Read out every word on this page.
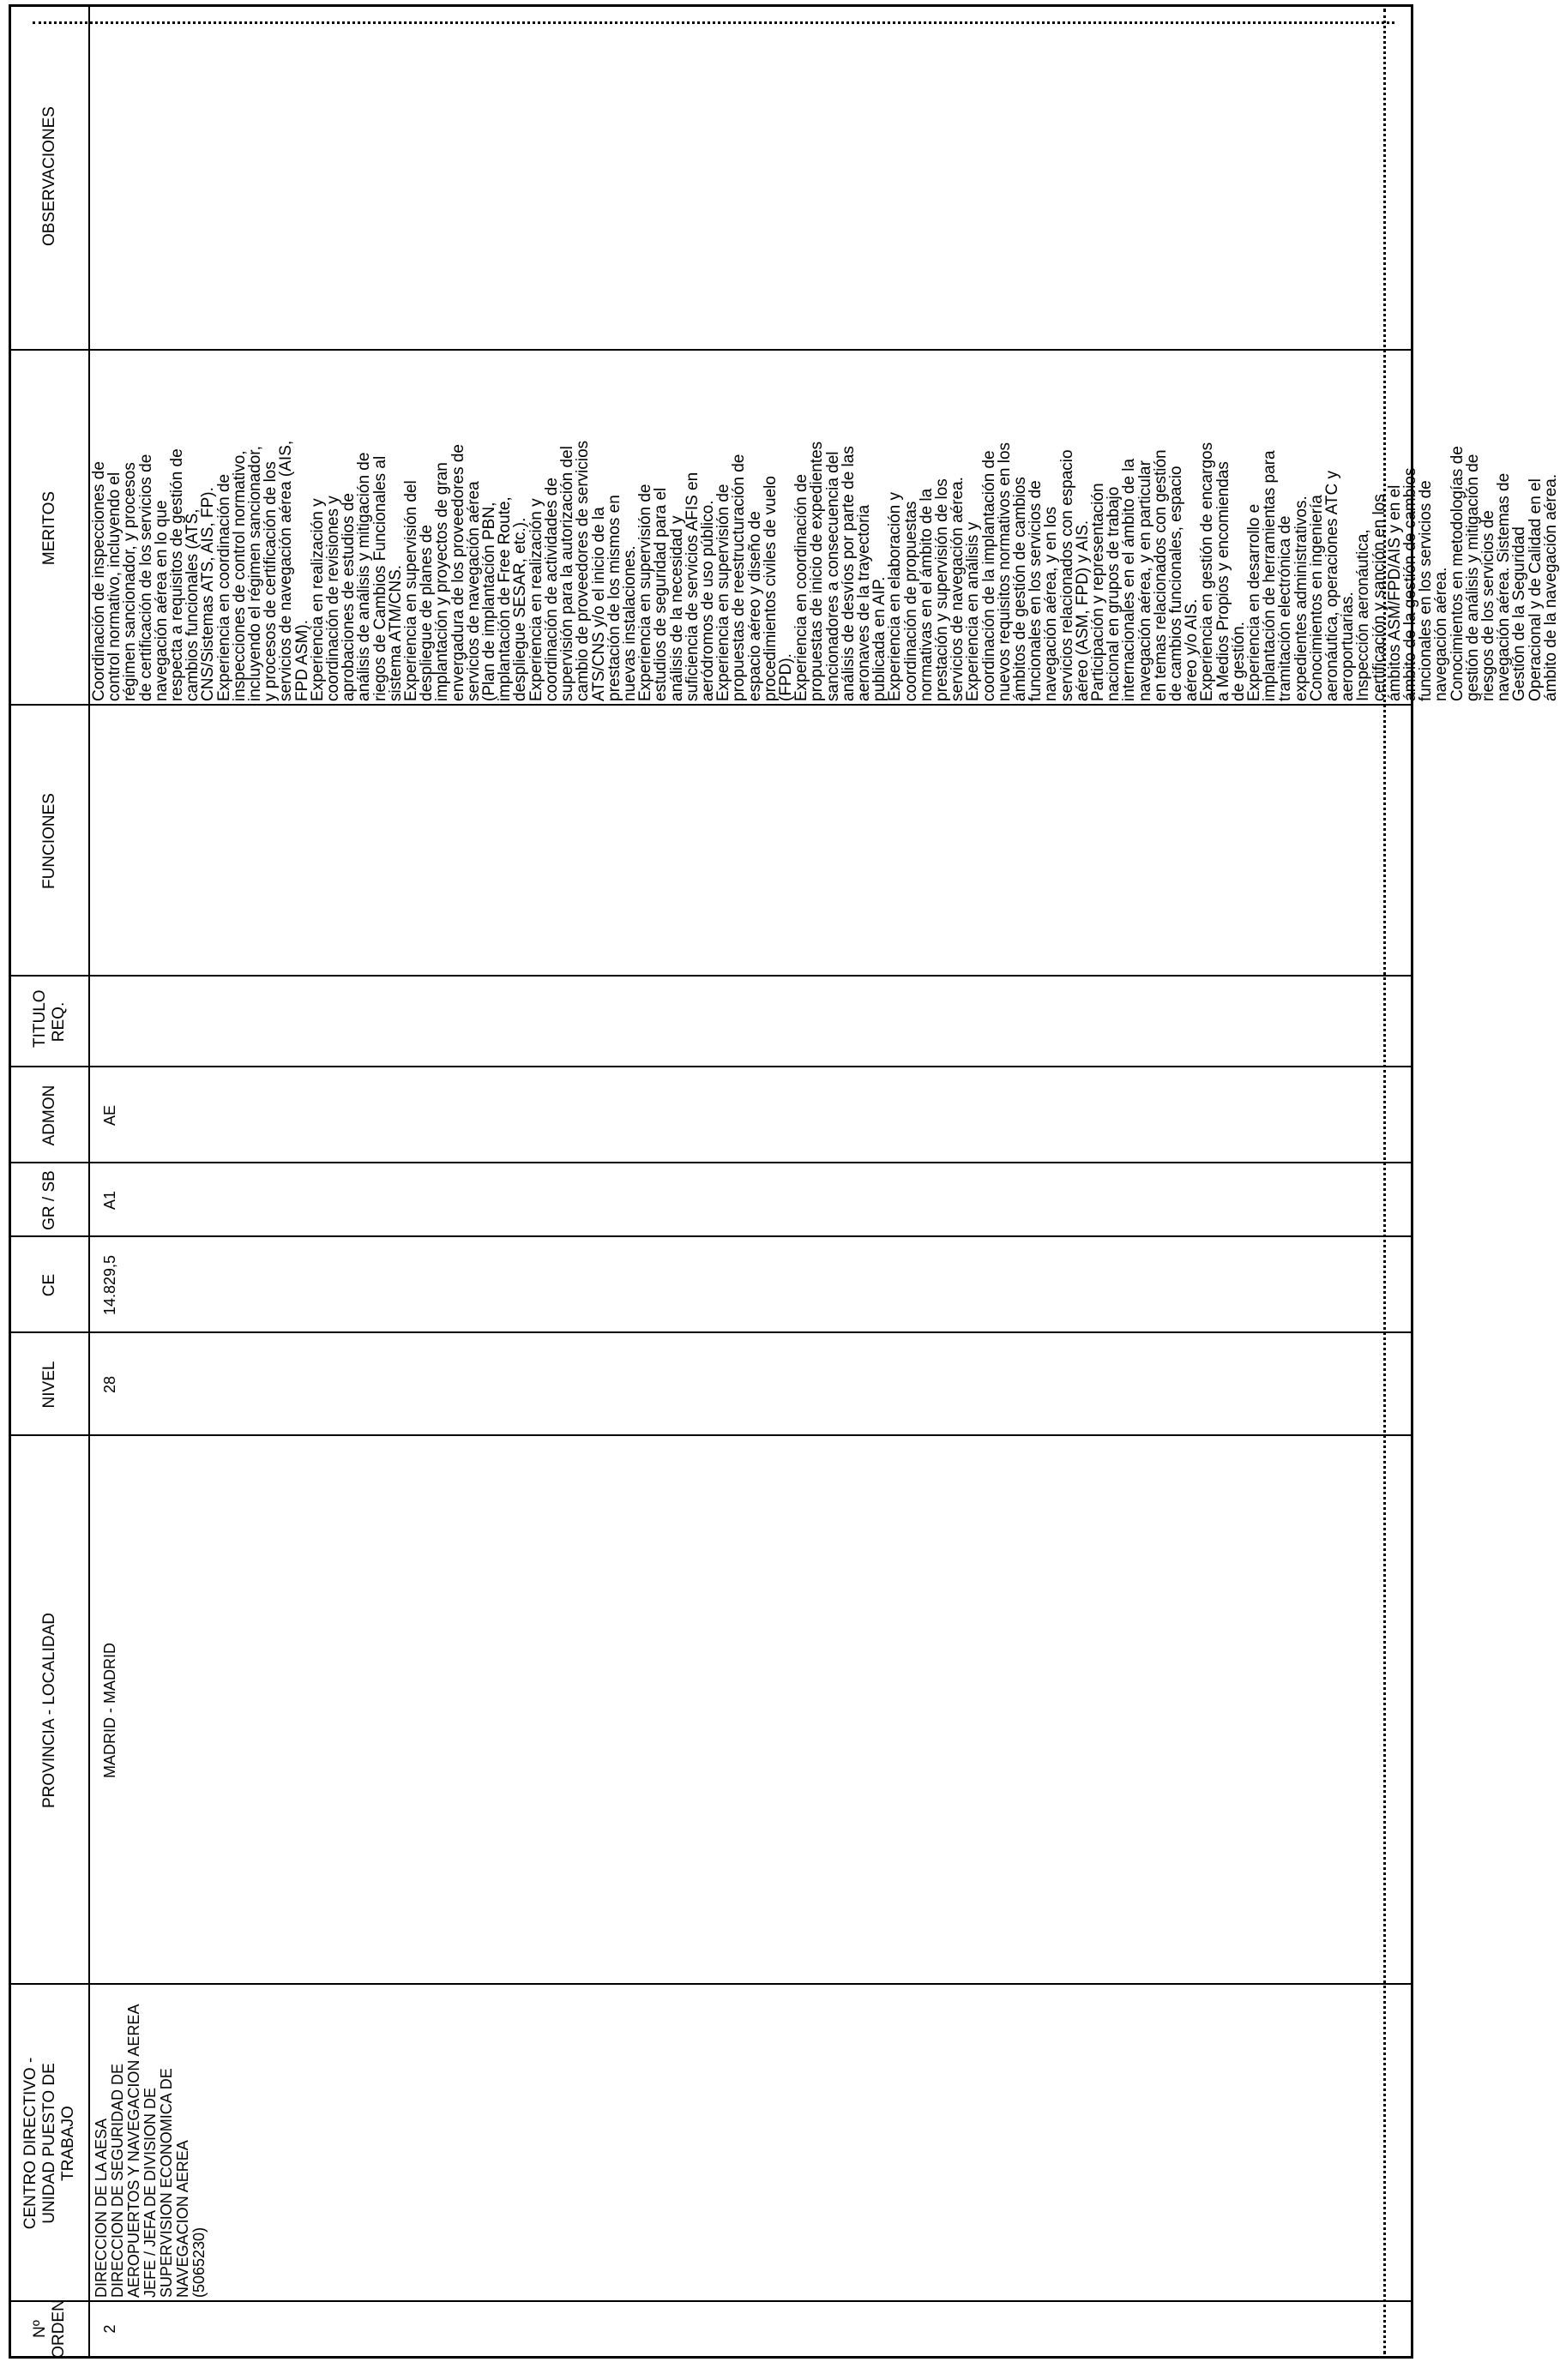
Nº ORDEN
CENTRO DIRECTIVO - UNIDAD PUESTO DE TRABAJO
PROVINCIA - LOCALIDAD
NIVEL
CE
GR / SB
ADMON
TITULO REQ.
FUNCIONES
MERITOS
OBSERVACIONES
2
DIRECCION DE LA AESA
DIRECCION DE SEGURIDAD DE AEROPUERTOS Y NAVEGACION AEREA
JEFE / JEFA DE DIVISION DE SUPERVISION ECONOMICA DE NAVEGACION AEREA
(5065230)
MADRID - MADRID
28
14.829,5
A1
AE

Coordinación de inspecciones de control normativo, incluyendo el régimen sancionador, y procesos de certificación de los servicios de navegación aérea en lo que respecta a requisitos de gestión de cambios funcionales (ATS, CNS/Sistemas ATS, AIS, FP).

Experiencia en coordinación de inspecciones de control normativo, incluyendo el régimen sancionador, y procesos de certificación de los servicios de navegación aérea (AIS, FPD ASM).

Experiencia en realización y coordinación de revisiones y aprobaciones de estudios de análisis de análisis y mitigación de riegos de Cambios Funcionales al sistema ATM/CNS.

Experiencia en supervisión del despliegue de planes de implantación y proyectos de gran envergadura de los proveedores de servicios de navegación aérea (Plan de implantación PBN, implantación de Free Route, despliegue SESAR, etc.).

Experiencia en realización y coordinación de actividades de supervisión para la autorización del cambio de proveedores de servicios ATS/CNS y/o el inicio de la prestación de los mismos en nuevas instalaciones.

Experiencia en supervisión de estudios de seguridad para el análisis de la necesidad y suficiencia de servicios AFIS en aeródromos de uso público.

Experiencia en supervisión de propuestas de reestructuración de espacio aéreo y diseño de procedimientos civiles de vuelo (FPD).

Experiencia en coordinación de propuestas de inicio de expedientes sancionadores a consecuencia del análisis de desvíos por parte de las aeronaves de la trayectoria publicada en AIP.

Experiencia en elaboración y coordinación de propuestas normativas en el ámbito de la prestación y supervisión de los servicios de navegación aérea.

Experiencia en análisis y coordinación de la implantación de nuevos requisitos normativos en los ámbitos de gestión de cambios funcionales en los servicios de navegación aérea, y en los servicios relacionados con espacio aéreo (ASM, FPD) y AIS.

Participación y representación nacional en grupos de trabajo internacionales en el ámbito de la navegación aérea, y en particular en temas relacionados con gestión de cambios funcionales, espacio aéreo y/o AIS.

Experiencia en gestión de encargos a Medios Propios y encomiendas de gestión.

Experiencia en desarrollo e implantación de herramientas para tramitación electrónica de expedientes administrativos.

Conocimientos en ingeniería aeronáutica, operaciones ATC y aeroportuarias.

Inspección aeronáutica, certificación y sanción en los ámbitos ASM/FPD/AIS y en el ámbito de la gestión de cambios funcionales en los servicios de navegación aérea.

Conocimientos en metodologías de gestión de análisis y mitigación de riesgos de los servicios de navegación aérea. Sistemas de Gestión de la Seguridad Operacional y de Calidad en el ámbito de la navegación aérea.
